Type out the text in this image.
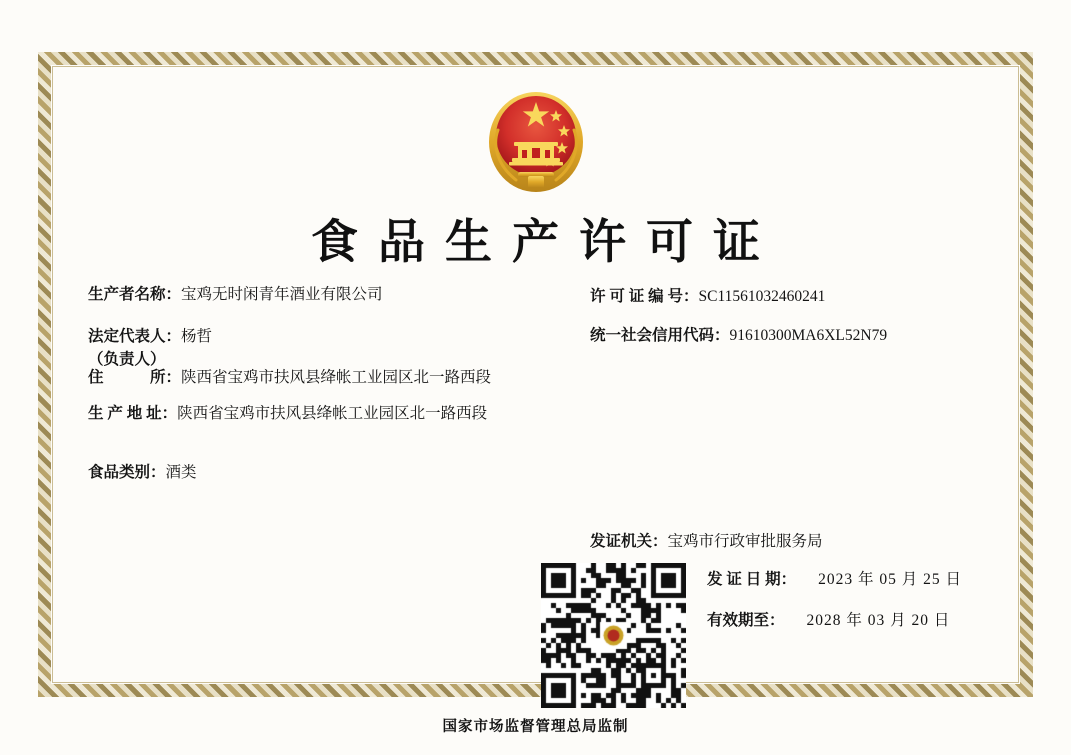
食品生产许可证
生产者名称：宝鸡无时闲青年酒业有限公司
法定代表人：杨哲
（负责人）
住　　　所：陕西省宝鸡市扶风县绛帐工业园区北一路西段
生 产 地 址：陕西省宝鸡市扶风县绛帐工业园区北一路西段
食品类别：酒类
许 可 证 编 号：SC11561032460241
统一社会信用代码：91610300MA6XL52N79
发证机关：宝鸡市行政审批服务局
发 证 日 期： 2023 年 05 月 25 日
有效期至： 2028 年 03 月 20 日
国家市场监督管理总局监制
